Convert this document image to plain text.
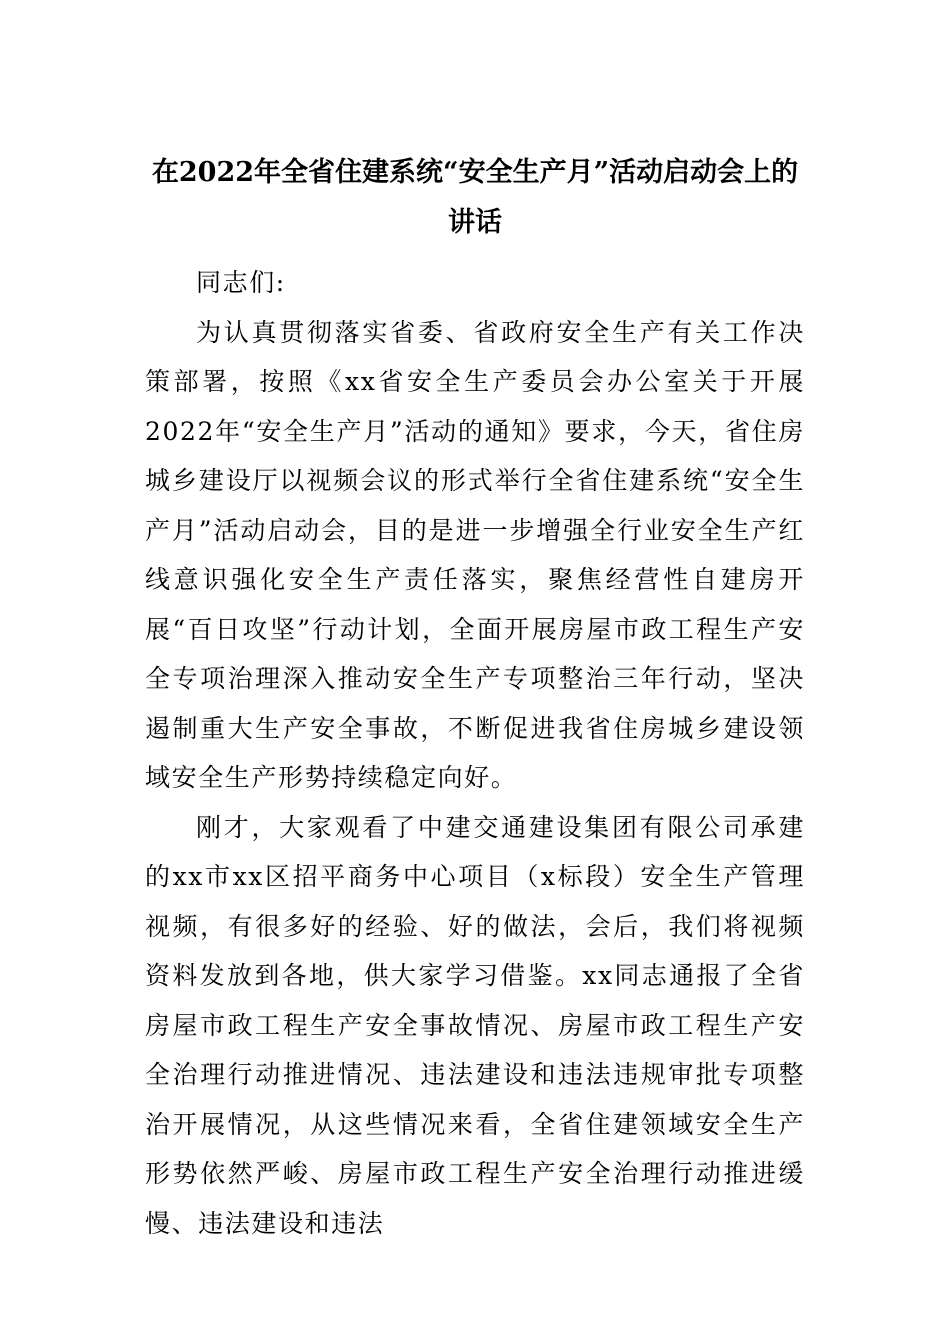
在2022年全省住建系统“安全生产月”活动启动会上的讲话

同志们:

为认真贯彻落实省委、省政府安全生产有关工作决策部署，按照《xx省安全生产委员会办公室关于开展2022年“安全生产月”活动的通知》要求，今天，省住房城乡建设厅以视频会议的形式举行全省住建系统“安全生产月”活动启动会，目的是进一步增强全行业安全生产红线意识强化安全生产责任落实，聚焦经营性自建房开展“百日攻坚”行动计划，全面开展房屋市政工程生产安全专项治理深入推动安全生产专项整治三年行动，坚决遏制重大生产安全事故，不断促进我省住房城乡建设领域安全生产形势持续稳定向好。

刚才，大家观看了中建交通建设集团有限公司承建的xx市xx区招平商务中心项目（x标段）安全生产管理视频，有很多好的经验、好的做法，会后，我们将视频资料发放到各地，供大家学习借鉴。xx同志通报了全省房屋市政工程生产安全事故情况、房屋市政工程生产安全治理行动推进情况、违法建设和违法违规审批专项整治开展情况，从这些情况来看，全省住建领域安全生产形势依然严峻、房屋市政工程生产安全治理行动推进缓慢、违法建设和违法
